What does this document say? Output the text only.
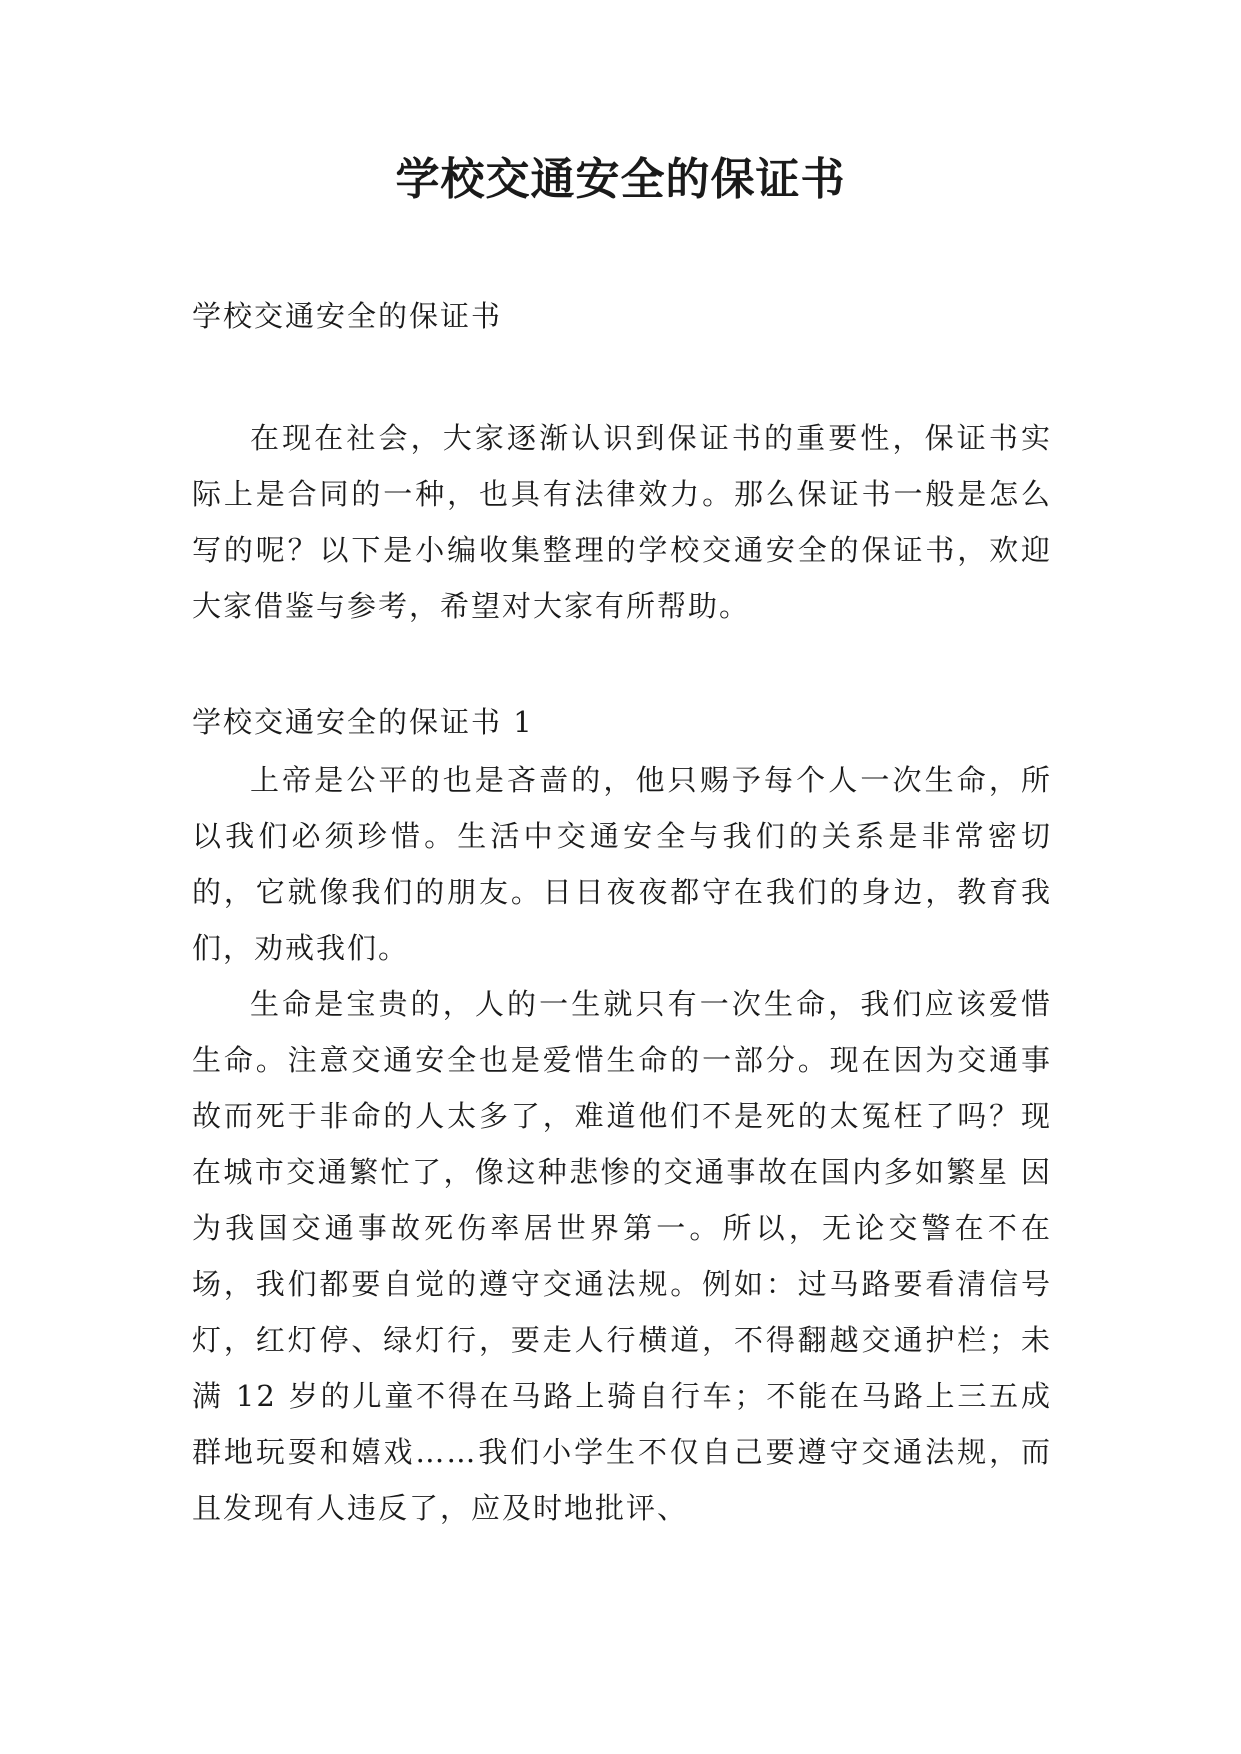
学校交通安全的保证书

学校交通安全的保证书

在现在社会，大家逐渐认识到保证书的重要性，保证书实际上是合同的一种，也具有法律效力。那么保证书一般是怎么写的呢？以下是小编收集整理的学校交通安全的保证书，欢迎大家借鉴与参考，希望对大家有所帮助。

学校交通安全的保证书 1

上帝是公平的也是吝啬的，他只赐予每个人一次生命，所以我们必须珍惜。生活中交通安全与我们的关系是非常密切的，它就像我们的朋友。日日夜夜都守在我们的身边，教育我们，劝戒我们。

生命是宝贵的，人的一生就只有一次生命，我们应该爱惜生命。注意交通安全也是爱惜生命的一部分。现在因为交通事故而死于非命的人太多了，难道他们不是死的太冤枉了吗？现在城市交通繁忙了，像这种悲惨的交通事故在国内多如繁星 因为我国交通事故死伤率居世界第一。所以，无论交警在不在场，我们都要自觉的遵守交通法规。例如：过马路要看清信号灯，红灯停、绿灯行，要走人行横道，不得翻越交通护栏；未满 12 岁的儿童不得在马路上骑自行车；不能在马路上三五成群地玩耍和嬉戏……我们小学生不仅自己要遵守交通法规，而且发现有人违反了，应及时地批评、
